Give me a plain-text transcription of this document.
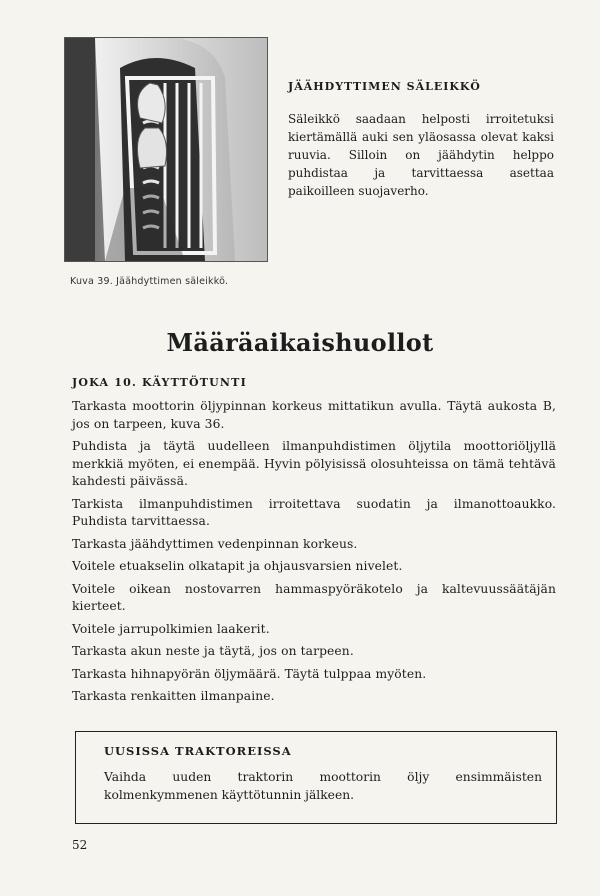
Kuva 39. Jäähdyttimen säleikkö.
JÄÄHDYTTIMEN SÄLEIKKÖ
Säleikkö saadaan helposti irroitetuksi kiertämällä auki sen yläosassa olevat kaksi ruuvia. Silloin on jäähdytin helppo puhdistaa ja tarvittaessa asettaa paikoilleen suojaverho.
Määräaikaishuollot
JOKA 10. KÄYTTÖTUNTI

Tarkasta moottorin öljypinnan korkeus mittatikun avulla. Täytä aukosta B, jos on tarpeen, kuva 36.

Puhdista ja täytä uudelleen ilmanpuhdistimen öljytila moottoriöljyllä merkkiä myöten, ei enempää. Hyvin pölyisissä olosuhteissa on tämä tehtävä kahdesti päivässä.

Tarkista ilmanpuhdistimen irroitettava suodatin ja ilmanottoaukko. Puhdista tarvittaessa.

Tarkasta jäähdyttimen vedenpinnan korkeus.

Voitele etuakselin olkatapit ja ohjausvarsien nivelet.

Voitele oikean nostovarren hammaspyöräkotelo ja kaltevuussäätäjän kierteet.

Voitele jarrupolkimien laakerit.

Tarkasta akun neste ja täytä, jos on tarpeen.

Tarkasta hihnapyörän öljymäärä. Täytä tulppaa myöten.

Tarkasta renkaitten ilmanpaine.

UUSISSA TRAKTOREISSA

Vaihda uuden traktorin moottorin öljy ensimmäisten kolmenkymmenen käyttötunnin jälkeen.

52
